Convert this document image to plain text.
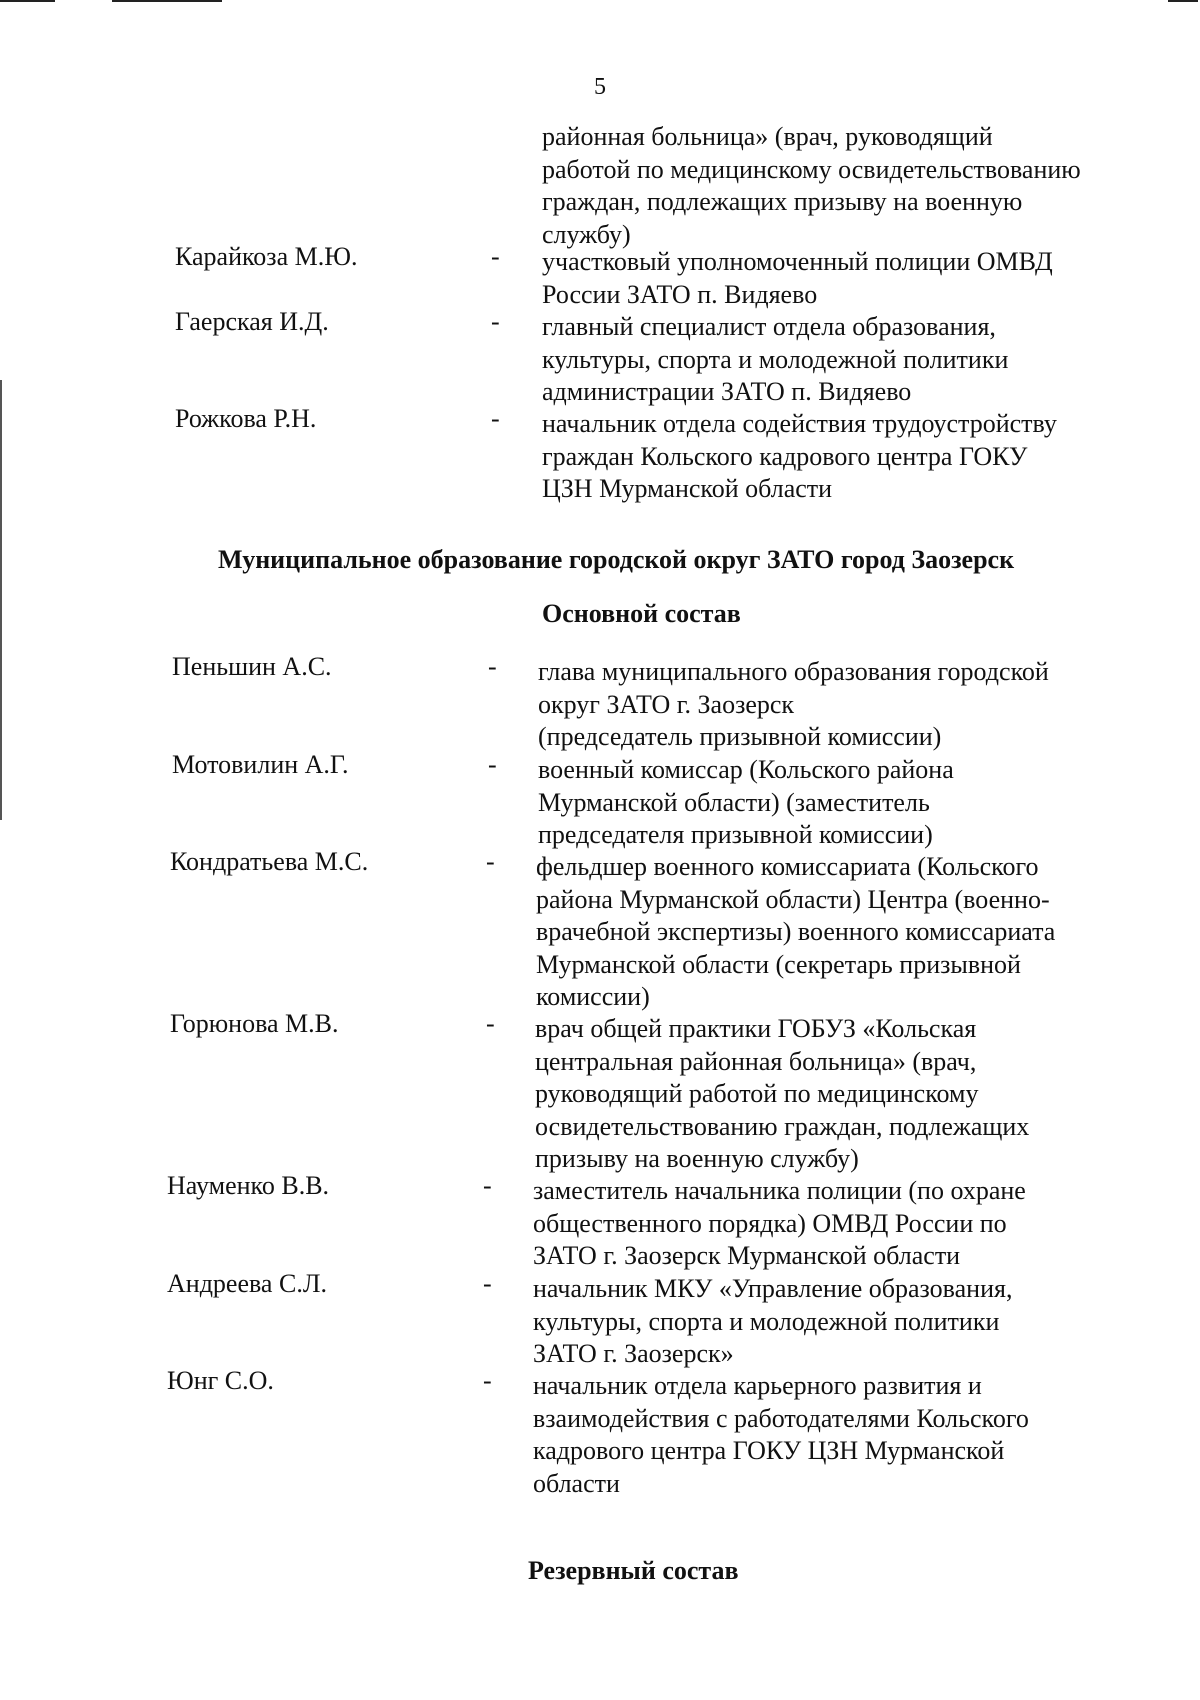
5
районная больница» (врач, руководящий
работой по медицинскому освидетельствованию
граждан, подлежащих призыву на военную
службу)
Карайкоза М.Ю.	- участковый уполномоченный полиции ОМВД
России ЗАТО п. Видяево
Гаерская И.Д.	- главный специалист отдела образования,
культуры, спорта и молодежной политики
администрации ЗАТО п. Видяево
Рожкова Р.Н.	- начальник отдела содействия трудоустройству
граждан Кольского кадрового центра ГОКУ
ЦЗН Мурманской области
Муниципальное образование городской округ ЗАТО город Заозерск
Основной состав
Пеньшин А.С.	- глава муниципального образования городской
округ ЗАТО г. Заозерск
(председатель призывной комиссии)
Мотовилин А.Г.	- военный комиссар (Кольского района
Мурманской области) (заместитель
председателя призывной комиссии)
Кондратьева М.С.	- фельдшер военного комиссариата (Кольского
района Мурманской области) Центра (военно-
врачебной экспертизы) военного комиссариата
Мурманской области (секретарь призывной
комиссии)
Горюнова М.В.	- врач общей практики ГОБУЗ «Кольская
центральная районная больница» (врач,
руководящий работой по медицинскому
освидетельствованию граждан, подлежащих
призыву на военную службу)
Науменко В.В.	- заместитель начальника полиции (по охране
общественного порядка) ОМВД России по
ЗАТО г. Заозерск Мурманской области
Андреева С.Л.	- начальник МКУ «Управление образования,
культуры, спорта и молодежной политики
ЗАТО г. Заозерск»
Юнг С.О.	- начальник отдела карьерного развития и
взаимодействия с работодателями Кольского
кадрового центра ГОКУ ЦЗН Мурманской
области
Резервный состав
